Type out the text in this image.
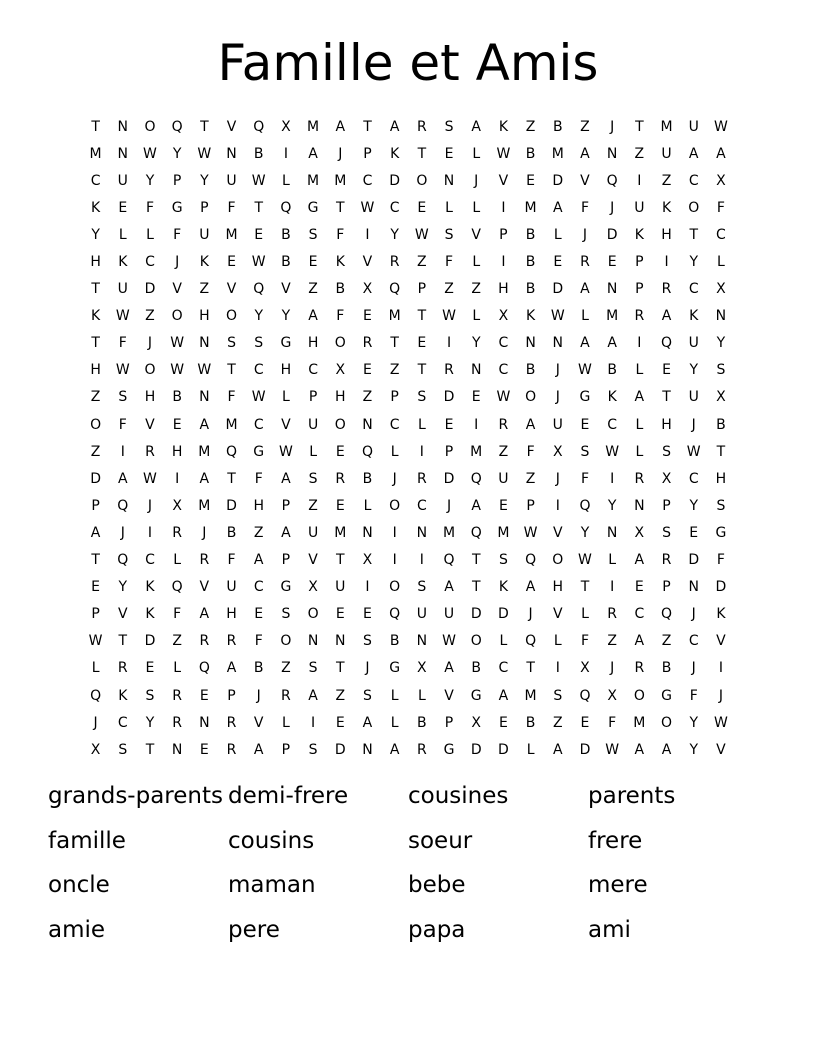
Famille et Amis
T	N	O	Q	T	V	Q	X	M	A	T	A	R	S	A	K	Z	B	Z	J	T	M	U	W
M	N	W	Y	W	N	B	I	A	J	P	K	T	E	L	W	B	M	A	N	Z	U	A	A
C	U	Y	P	Y	U	W	L	M	M	C	D	O	N	J	V	E	D	V	Q	I	Z	C	X
K	E	F	G	P	F	T	Q	G	T	W	C	E	L	L	I	M	A	F	J	U	K	O	F
Y	L	L	F	U	M	E	B	S	F	I	Y	W	S	V	P	B	L	J	D	K	H	T	C
H	K	C	J	K	E	W	B	E	K	V	R	Z	F	L	I	B	E	R	E	P	I	Y	L
T	U	D	V	Z	V	Q	V	Z	B	X	Q	P	Z	Z	H	B	D	A	N	P	R	C	X
K	W	Z	O	H	O	Y	Y	A	F	E	M	T	W	L	X	K	W	L	M	R	A	K	N
T	F	J	W	N	S	S	G	H	O	R	T	E	I	Y	C	N	N	A	A	I	Q	U	Y
H	W	O	W W	T	C	H	C	X	E	Z	T	R	N	C	B	J	W	B	L	E	Y	S
Z	S	H	B	N	F	W	L	P	H	Z	P	S	D	E	W	O	J	G	K	A	T	U	X
O	F	V	E	A	M	C	V	U	O	N	C	L	E	I	R	A	U	E	C	L	H	J	B
Z	I	R	H	M	Q	G	W	L	E	Q	L	I	P	M	Z	F	X	S	W	L	S	W	T
D	A	W	I	A	T	F	A	S	R	B	J	R	D	Q	U	Z	J	F	I	R	X	C	H
P	Q	J	X	M	D	H	P	Z	E	L	O	C	J	A	E	P	I	Q	Y	N	P	Y	S
A	J	I	R	J	B	Z	A	U	M	N	I	N	M	Q	M	W	V	Y	N	X	S	E	G
T	Q	C	L	R	F	A	P	V	T	X	I	I	Q	T	S	Q	O	W	L	A	R	D	F
E	Y	K	Q	V	U	C	G	X	U	I	O	S	A	T	K	A	H	T	I	E	P	N	D
P	V	K	F	A	H	E	S	O	E	E	Q	U	U	D	D	J	V	L	R	C	Q	J	K
W	T	D	Z	R	R	F	O	N	N	S	B	N	W	O	L	Q	L	F	Z	A	Z	C	V
L	R	E	L	Q	A	B	Z	S	T	J	G	X	A	B	C	T	I	X	J	R	B	J	I
Q	K	S	R	E	P	J	R	A	Z	S	L	L	V	G	A	M	S	Q	X	O	G	F	J
J	C	Y	R	N	R	V	L	I	E	A	L	B	P	X	E	B	Z	E	F	M	O	Y	W
X	S	T	N	E	R	A	P	S	D	N	A	R	G	D	D	L	A	D	W	A	A	Y	V
grands-parents demi-frere	cousines	parents
famille	cousins	soeur	frere
oncle	maman	bebe	mere
amie	pere	papa	ami
